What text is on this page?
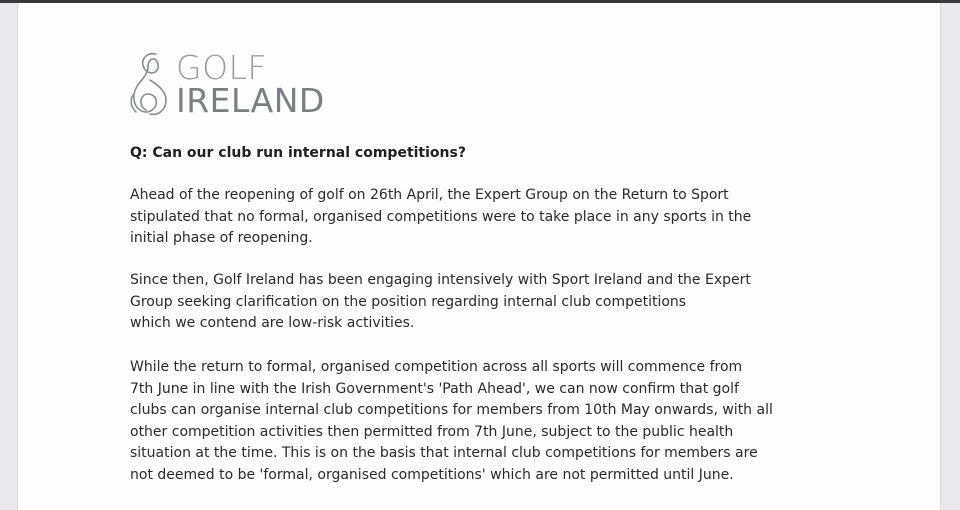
GOLF
IRELAND
Q: Can our club run internal competitions?
Ahead of the reopening of golf on 26th April, the Expert Group on the Return to Sport
stipulated that no formal, organised competitions were to take place in any sports in the
initial phase of reopening.
Since then, Golf Ireland has been engaging intensively with Sport Ireland and the Expert
Group seeking clarification on the position regarding internal club competitions
which we contend are low-risk activities.
While the return to formal, organised competition across all sports will commence from
7th June in line with the Irish Government's 'Path Ahead', we can now confirm that golf
clubs can organise internal club competitions for members from 10th May onwards, with all
other competition activities then permitted from 7th June, subject to the public health
situation at the time. This is on the basis that internal club competitions for members are
not deemed to be 'formal, organised competitions' which are not permitted until June.
